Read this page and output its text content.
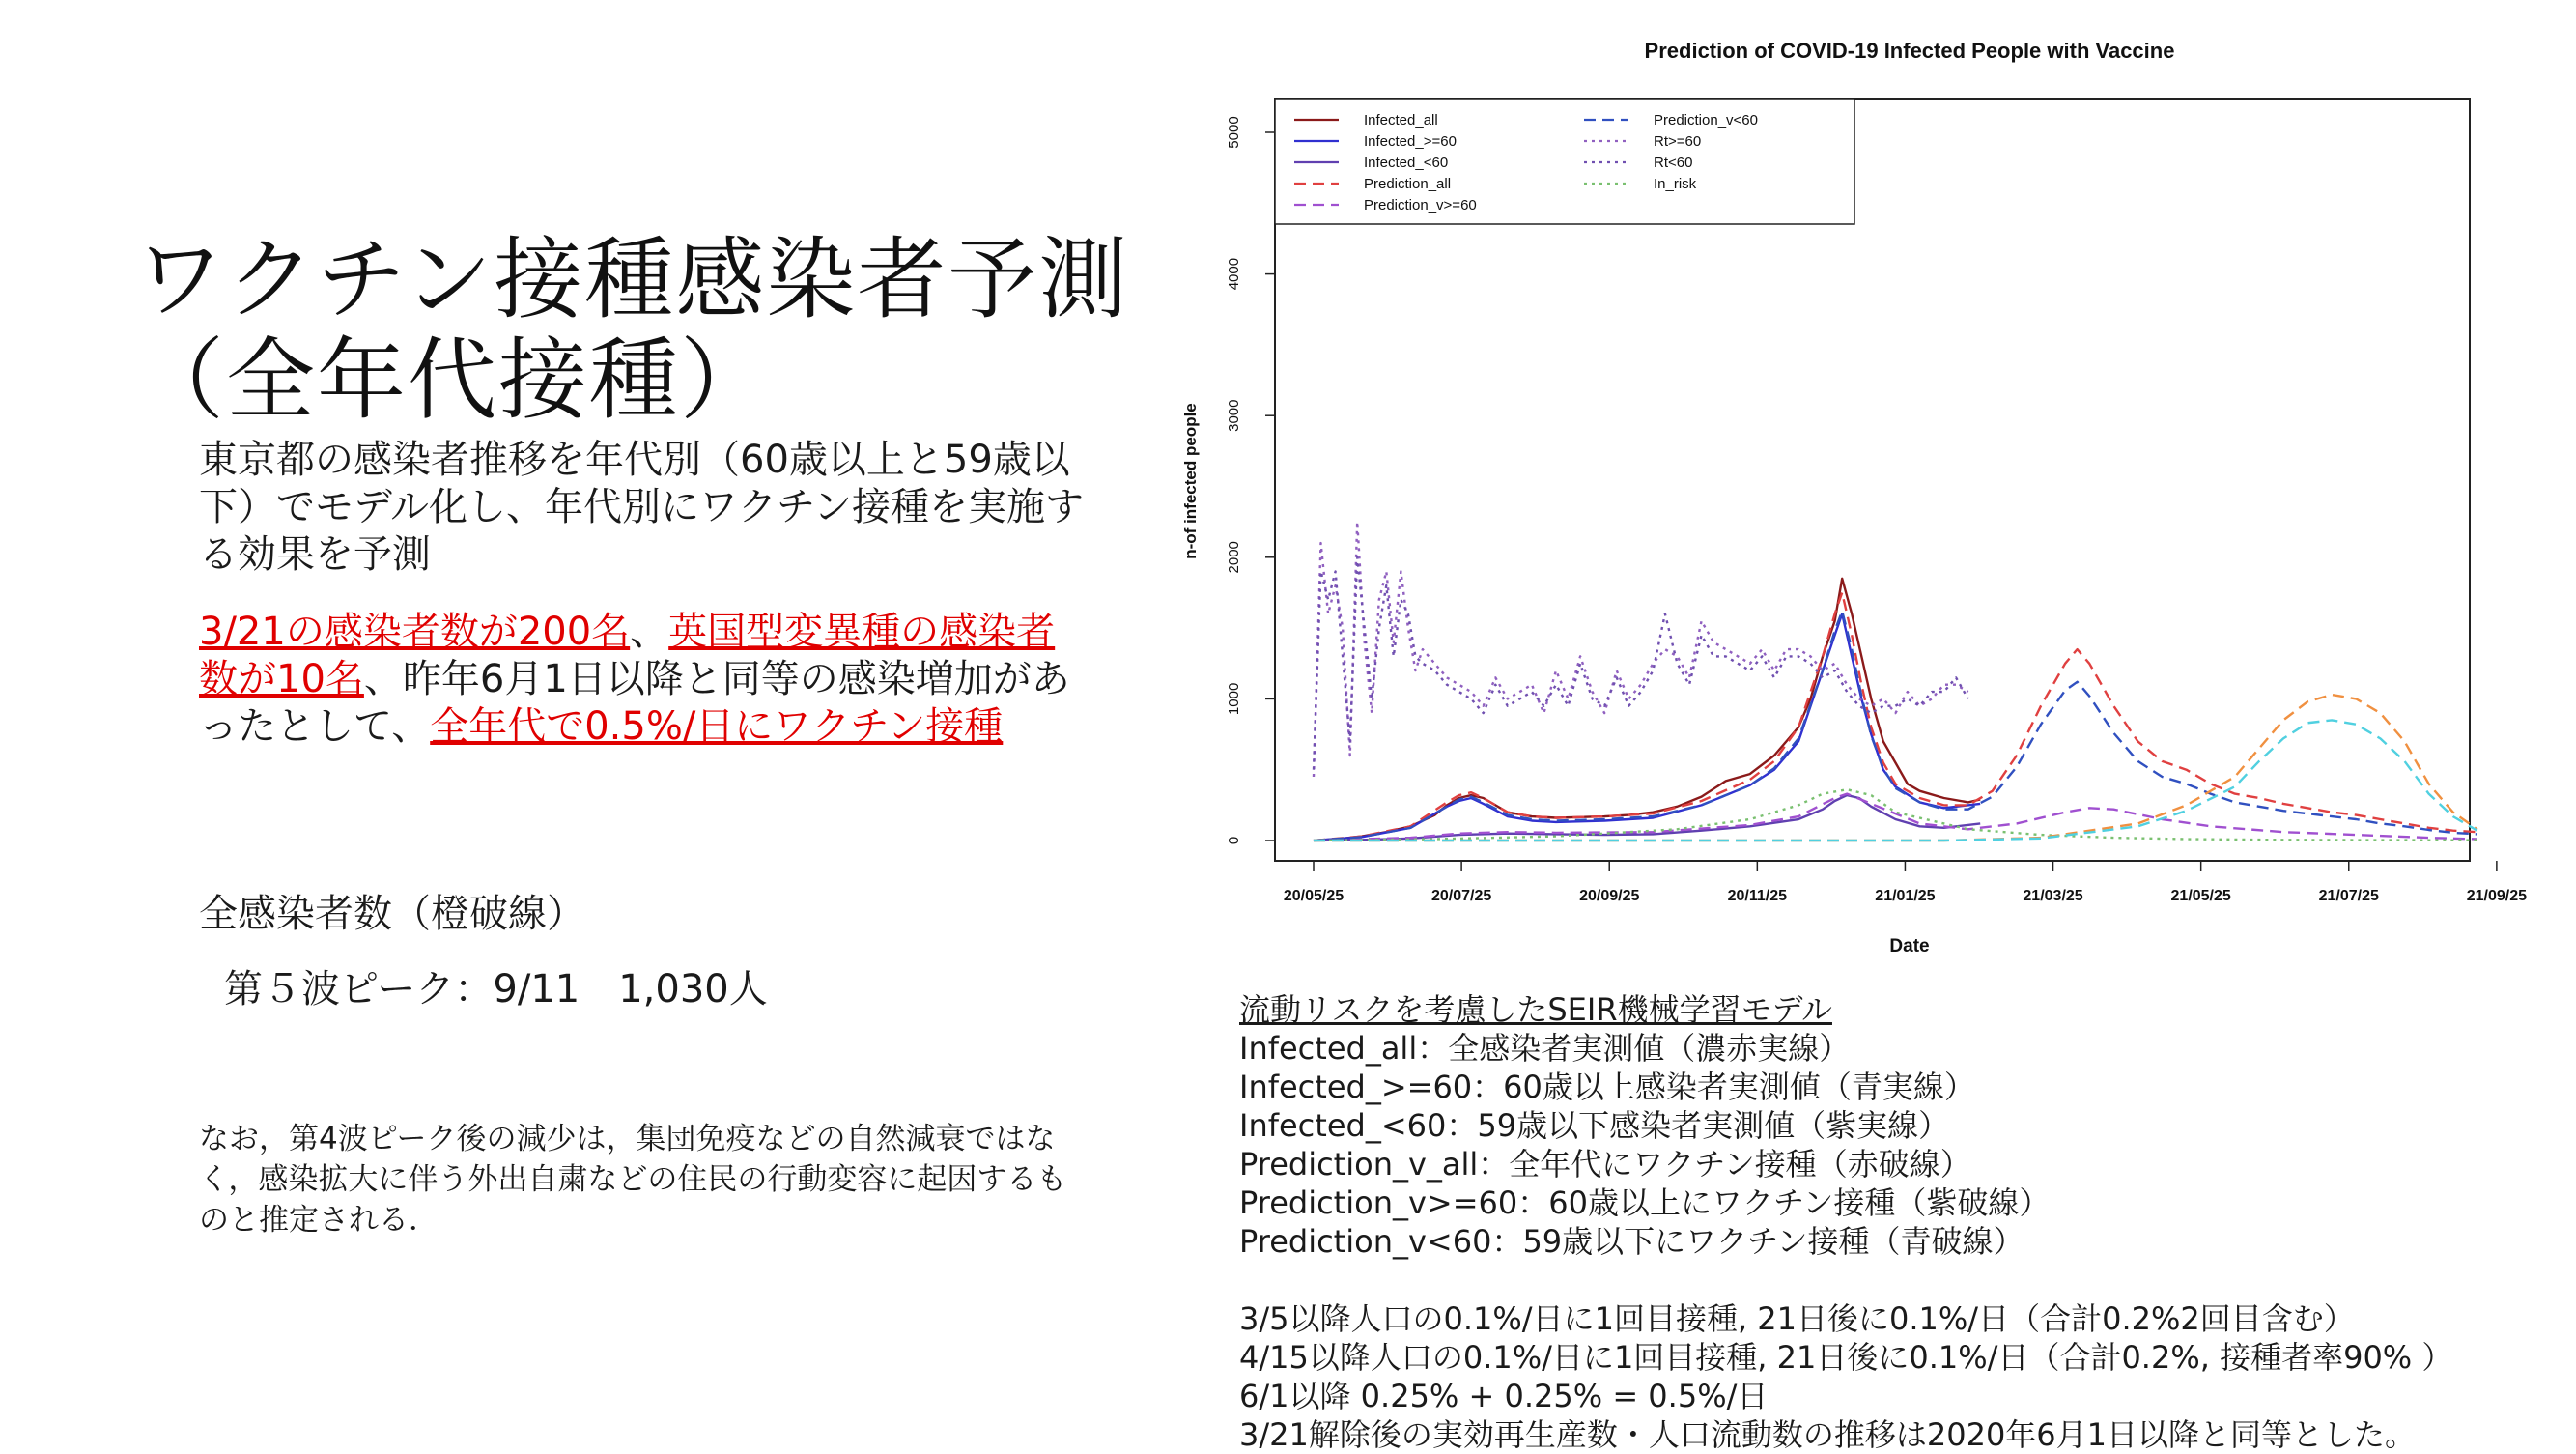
ワクチン接種感染者予測
（全年代接種）
東京都の感染者推移を年代別（60歳以上と59歳以下）でモデル化し、年代別にワクチン接種を実施する効果を予測
3/21の感染者数が200名、英国型変異種の感染者数が10名、昨年6月1日以降と同等の感染増加があったとして、全年代で0.5%/日にワクチン接種
全感染者数（橙破線）
第５波ピーク：9/11　1,030人
なお，第4波ピーク後の減少は，集団免疫などの自然減衰ではなく，感染拡大に伴う外出自粛などの住民の行動変容に起因するものと推定される．
Prediction of COVID-19 Infected People with Vaccine
0
1000
2000
3000
4000
5000
20/05/25	20/07/25	20/09/25	20/11/25	21/01/25	21/03/25	21/05/25	21/07/25	21/09/25
n-of infected people
Date
Infected_all
Infected_>=60
Infected_<60
Prediction_all
Prediction_v>=60
Prediction_v<60
Rt>=60
Rt<60
In_risk
流動リスクを考慮したSEIR機械学習モデル
Infected_all：全感染者実測値（濃赤実線）
Infected_>=60：60歳以上感染者実測値（青実線）
Infected_<60：59歳以下感染者実測値（紫実線）
Prediction_v_all：全年代にワクチン接種（赤破線）
Prediction_v>=60：60歳以上にワクチン接種（紫破線）
Prediction_v<60：59歳以下にワクチン接種（青破線）
3/5以降人口の0.1%/日に1回目接種, 21日後に0.1%/日（合計0.2%2回目含む）
4/15以降人口の0.1%/日に1回目接種, 21日後に0.1%/日（合計0.2%, 接種者率90% ）
6/1以降 0.25% + 0.25% = 0.5%/日
3/21解除後の実効再生産数・人口流動数の推移は2020年6月1日以降と同等とした。
